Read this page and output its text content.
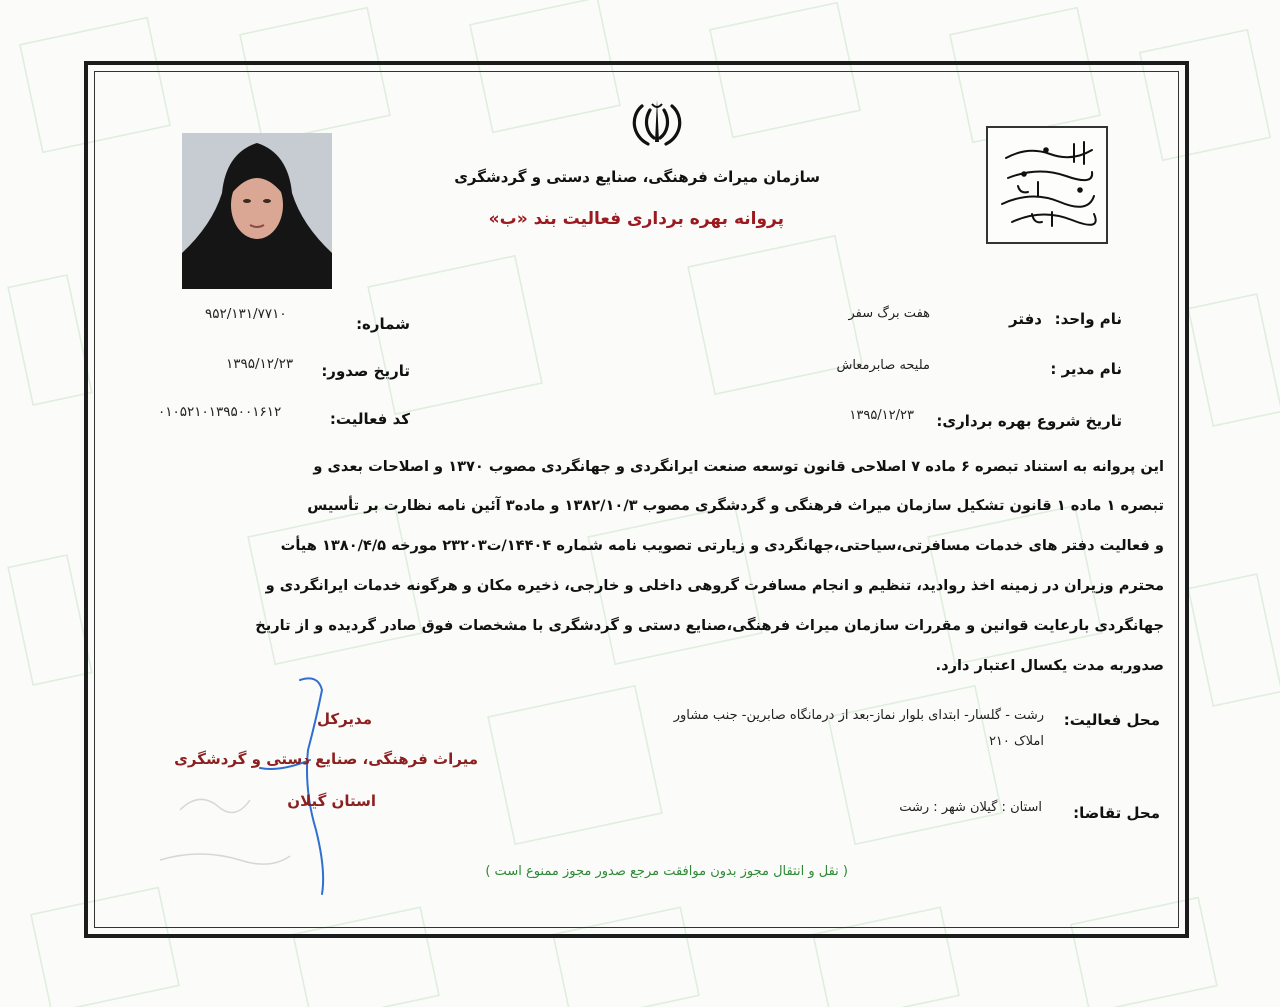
سازمان میراث فرهنگی، صنایع دستی و گردشگری
پروانه بهره برداری فعالیت بند «ب»
نام واحد:
دفتر
هفت برگ سفر
نام مدیر :
ملیحه صابرمعاش
تاریخ شروع بهره برداری:
۱۳۹۵/۱۲/۲۳
شماره:
۹۵۲/۱۳۱/۷۷۱۰
تاریخ صدور:
۱۳۹۵/۱۲/۲۳
کد فعالیت:
۰۱۰۵۲۱۰۱۳۹۵۰۰۱۶۱۲
این پروانه به استناد تبصره ۶ ماده ۷ اصلاحی قانون توسعه صنعت ایرانگردی و جهانگردی مصوب ۱۳۷۰ و اصلاحات بعدی و
تبصره ۱ ماده ۱ قانون تشکیل سازمان میراث فرهنگی و گردشگری مصوب ۱۳۸۲/۱۰/۳ و ماده۳ آئین نامه نظارت بر تأسیس
و فعالیت دفتر های خدمات مسافرتی،سیاحتی،جهانگردی و زیارتی تصویب نامه شماره ۱۴۴۰۴/ت۲۳۲۰۳ مورخه ۱۳۸۰/۴/۵ هیأت
محترم وزیران در زمینه اخذ روادید، تنظیم و انجام مسافرت گروهی داخلی و خارجی، ذخیره مکان و هرگونه خدمات ایرانگردی و
جهانگردی بارعایت قوانین و مقررات سازمان میراث فرهنگی،صنایع دستی و گردشگری با مشخصات فوق صادر گردیده و از تاریخ
صدوربه مدت یکسال اعتبار دارد.
محل فعالیت:
رشت - گلسار- ابتدای بلوار نماز-بعد از درمانگاه صابرین- جنب مشاور
املاک ۲۱۰
محل تقاضا:
استان : گیلان شهر : رشت
مدیرکل
میراث فرهنگی، صنایع دستی و گردشگری
استان گیلان
( نقل و انتقال مجوز بدون موافقت مرجع صدور مجوز ممنوع است )
